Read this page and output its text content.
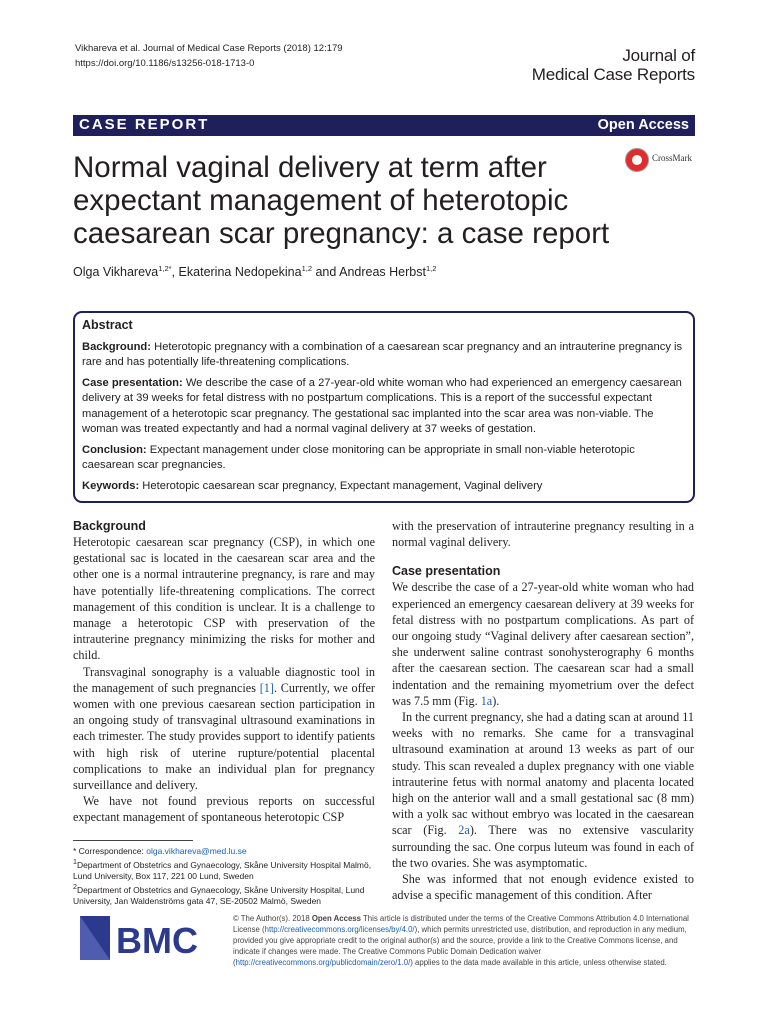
Vikhareva et al. Journal of Medical Case Reports (2018) 12:179
https://doi.org/10.1186/s13256-018-1713-0	Journal of
Medical Case Reports
CASE REPORT	Open Access
Normal vaginal delivery at term after expectant management of heterotopic caesarean scar pregnancy: a case report
CrossMark
Olga Vikhareva$^{1,2*}$, Ekaterina Nedopekina$^{1,2}$ and Andreas Herbst$^{1,2}$
Abstract

Background: Heterotopic pregnancy with a combination of a caesarean scar pregnancy and an intrauterine pregnancy is rare and has potentially life-threatening complications.

Case presentation: We describe the case of a 27-year-old white woman who had experienced an emergency caesarean delivery at 39 weeks for fetal distress with no postpartum complications. This is a report of the successful expectant management of a heterotopic scar pregnancy. The gestational sac implanted into the scar area was non-viable. The woman was treated expectantly and had a normal vaginal delivery at 37 weeks of gestation.

Conclusion: Expectant management under close monitoring can be appropriate in small non-viable heterotopic caesarean scar pregnancies.

Keywords: Heterotopic caesarean scar pregnancy, Expectant management, Vaginal delivery

Background

Heterotopic caesarean scar pregnancy (CSP), in which one gestational sac is located in the caesarean scar area and the other one is a normal intrauterine pregnancy, is rare and may have potentially life-threatening complications. The correct management of this condition is unclear. It is a challenge to manage a heterotopic CSP with preservation of the intrauterine pregnancy minimizing the risks for mother and child.

Transvaginal sonography is a valuable diagnostic tool in the management of such pregnancies [1]. Currently, we offer women with one previous caesarean section participation in an ongoing study of transvaginal ultrasound examinations in each trimester. The study provides support to identify patients with high risk of uterine rupture/potential placental complications to make an individual plan for pregnancy surveillance and delivery.

We have not found previous reports on successful expectant management of spontaneous heterotopic CSP

with the preservation of intrauterine pregnancy resulting in a normal vaginal delivery.

Case presentation

We describe the case of a 27-year-old white woman who had experienced an emergency caesarean delivery at 39 weeks for fetal distress with no postpartum complications. As part of our ongoing study “Vaginal delivery after caesarean section”, she underwent saline contrast sonohysterography 6 months after the caesarean section. The caesarean scar had a small indentation and the remaining myometrium over the defect was 7.5 mm (Fig. 1a).

In the current pregnancy, she had a dating scan at around 11 weeks with no remarks. She came for a transvaginal ultrasound examination at around 13 weeks as part of our study. This scan revealed a duplex pregnancy with one viable intrauterine fetus with normal anatomy and placenta located high on the anterior wall and a small gestational sac (8 mm) with a yolk sac without embryo was located in the caesarean scar (Fig. 2a). There was no extensive vascularity surrounding the sac. One corpus luteum was found in each of the two ovaries. She was asymptomatic.

She was informed that not enough evidence existed to advise a specific management of this condition. After

* Correspondence: olga.vikhareva@med.lu.se

$^1$Department of Obstetrics and Gynaecology, Skåne University Hospital Malmö, Lund University, Box 117, 221 00 Lund, Sweden

$^2$Department of Obstetrics and Gynaecology, Skåne University Hospital, Lund University, Jan Waldenströms gata 47, SE-20502 Malmö, Sweden

BMC
© The Author(s). 2018 Open Access This article is distributed under the terms of the Creative Commons Attribution 4.0 International License (http://creativecommons.org/licenses/by/4.0/), which permits unrestricted use, distribution, and reproduction in any medium, provided you give appropriate credit to the original author(s) and the source, provide a link to the Creative Commons license, and indicate if changes were made. The Creative Commons Public Domain Dedication waiver (http://creativecommons.org/publicdomain/zero/1.0/) applies to the data made available in this article, unless otherwise stated.
